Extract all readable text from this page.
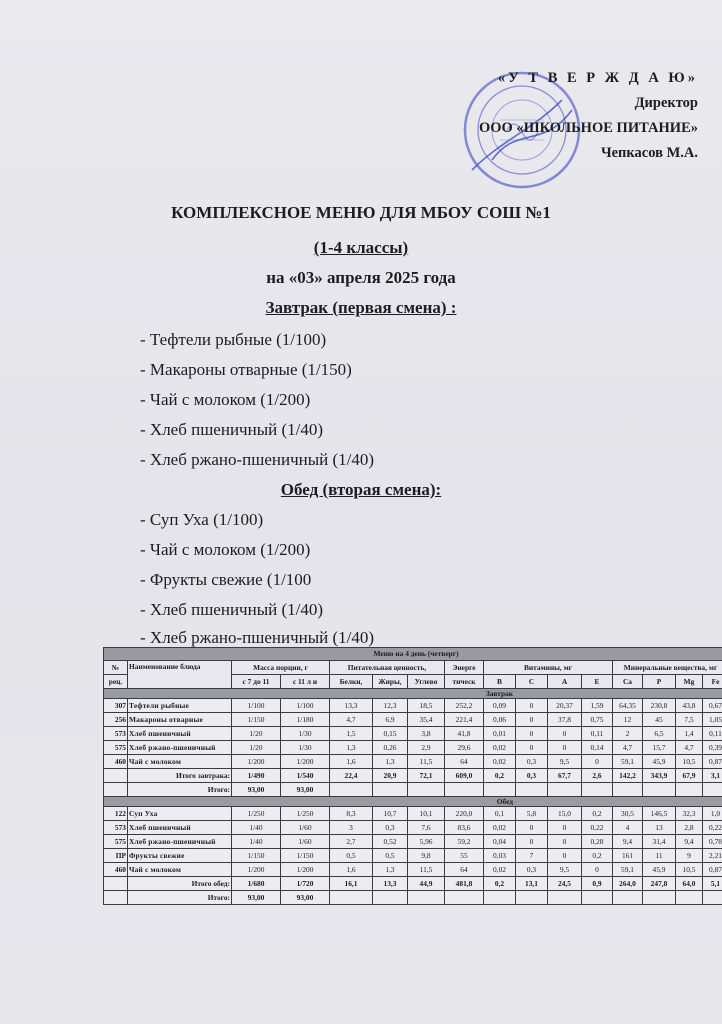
«У Т В Е Р Ж Д А Ю»
Директор
ООО «ШКОЛЬНОЕ ПИТАНИЕ»
Чепкасов М.А.
КОМПЛЕКСНОЕ МЕНЮ ДЛЯ МБОУ СОШ №1
(1-4 классы)
на «03» апреля 2025 года
Завтрак (первая смена) :
- Тефтели рыбные (1/100)
- Макароны отварные (1/150)
- Чай с молоком (1/200)
- Хлеб пшеничный (1/40)
- Хлеб ржано-пшеничный (1/40)
Обед (вторая смена):
- Суп Уха (1/100)
- Чай с молоком (1/200)
- Фрукты свежие (1/100
- Хлеб пшеничный (1/40)
- Хлеб ржано-пшеничный (1/40)
Меню на 4 день (четверг)															
№	Наименование блюда	Масса порции, г		Питательная ценность,			Энерге	Витамины, мг				Минеральные вещества, мг			
рец.		с 7 до 11	с 11 л и	Белки,	Жиры,	Углево	тическ	B	C	A	E	Ca	P	Mg	Fe
Завтрак															
307	Тефтели рыбные	1/100	1/100	13,3	12,3	18,5	252,2	0,09	0	20,37	1,59	64,35	230,8	43,8	0,67
256	Макароны отварные	1/150	1/180	4,7	6,9	35,4	221,4	0,06	0	37,8	0,75	12	45	7,5	1,05
573	Хлеб пшеничный	1/20	1/30	1,5	0,15	3,8	41,8	0,01	0	0	0,11	2	6,5	1,4	0,11
575	Хлеб ржано-пшеничный	1/20	1/30	1,3	0,26	2,9	29,6	0,02	0	0	0,14	4,7	15,7	4,7	0,39
460	Чай с молоком	1/200	1/200	1,6	1,3	11,5	64	0,02	0,3	9,5	0	59,1	45,9	10,5	0,87
	Итого завтрака:	1/490	1/540	22,4	20,9	72,1	609,0	0,2	0,3	67,7	2,6	142,2	343,9	67,9	3,1
	Итого:	93,00	93,00												
Обед															
122	Суп Уха	1/250	1/250	8,3	10,7	10,1	220,0	0,1	5,8	15,0	0,2	30,5	146,5	32,3	1,0
573	Хлеб пшеничный	1/40	1/60	3	0,3	7,6	83,6	0,02	0	0	0,22	4	13	2,8	0,22
575	Хлеб ржано-пшеничный	1/40	1/60	2,7	0,52	5,96	59,2	0,04	0	0	0,28	9,4	31,4	9,4	0,78
ПР	Фрукты свежие	1/150	1/150	0,5	0,5	9,8	55	0,03	7	0	0,2	161	11	9	2,21
460	Чай с молоком	1/200	1/200	1,6	1,3	11,5	64	0,02	0,3	9,5	0	59,1	45,9	10,5	0,87
	Итого обед:	1/680	1/720	16,1	13,3	44,9	481,8	0,2	13,1	24,5	0,9	264,0	247,8	64,0	5,1
	Итого:	93,00	93,00												
